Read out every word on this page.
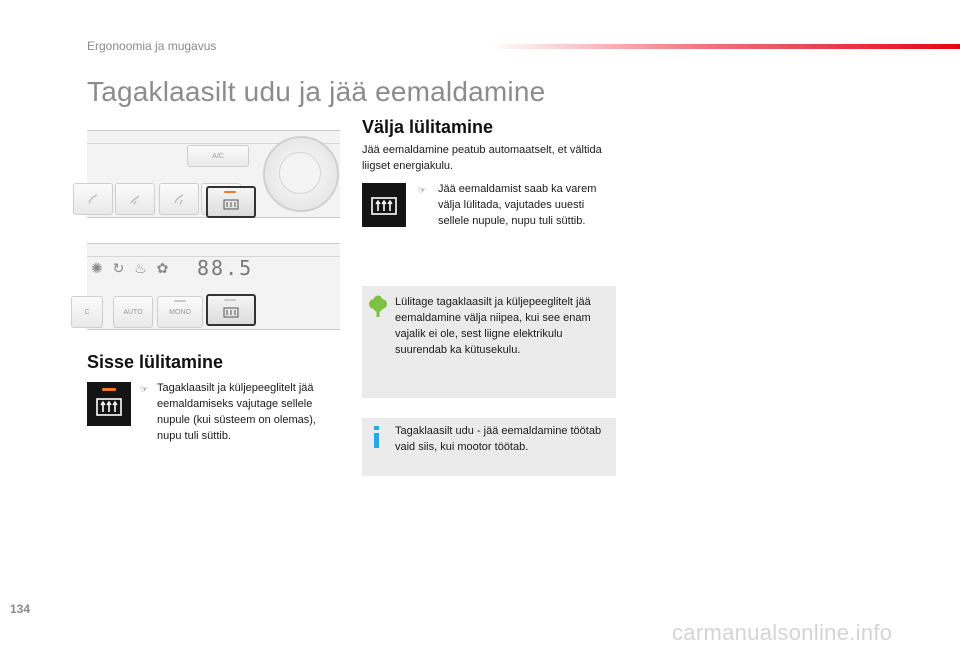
Ergonoomia ja mugavus
Tagaklaasilt udu ja jää eemaldamine
A/C
✺ ↻ ♨ ✿	88.5
C	AUTO	MONO
Sisse lülitamine
☞ Tagaklaasilt ja küljepeeglitelt jää eemaldamiseks vajutage sellele nupule (kui süsteem on olemas), nupu tuli süttib.
Välja lülitamine
Jää eemaldamine peatub automaatselt, et vältida liigset energiakulu.
☞ Jää eemaldamist saab ka varem välja lülitada, vajutades uuesti sellele nupule, nupu tuli süttib.
Lülitage tagaklaasilt ja küljepeeglitelt jää eemaldamine välja niipea, kui see enam vajalik ei ole, sest liigne elektrikulu suurendab ka kütusekulu.
Tagaklaasilt udu - jää eemaldamine töötab vaid siis, kui mootor töötab.
134
carmanualsonline.info
